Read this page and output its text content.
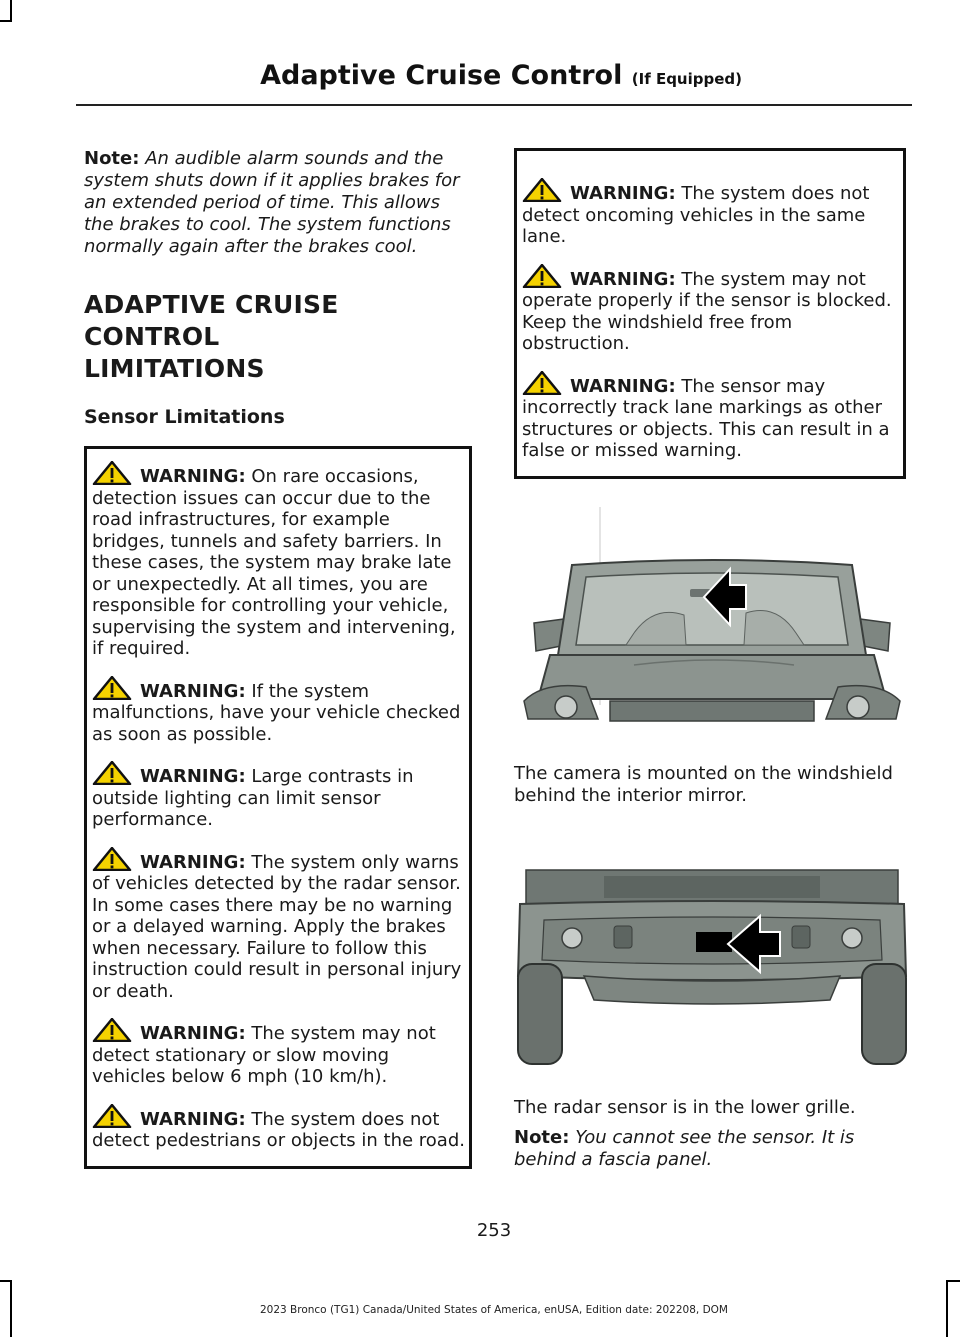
Adaptive Cruise Control (If Equipped)

Note: An audible alarm sounds and the system shuts down if it applies brakes for an extended period of time. This allows the brakes to cool. The system functions normally again after the brakes cool.

ADAPTIVE CRUISE CONTROL
LIMITATIONS
Sensor Limitations
WARNING: On rare occasions, detection issues can occur due to the road infrastructures, for example bridges, tunnels and safety barriers. In these cases, the system may brake late or unexpectedly. At all times, you are responsible for controlling your vehicle, supervising the system and intervening, if required.
WARNING: If the system malfunctions, have your vehicle checked as soon as possible.
WARNING: Large contrasts in outside lighting can limit sensor performance.
WARNING: The system only warns of vehicles detected by the radar sensor. In some cases there may be no warning or a delayed warning. Apply the brakes when necessary. Failure to follow this instruction could result in personal injury or death.
WARNING: The system may not detect stationary or slow moving vehicles below 6 mph (10 km/h).
WARNING: The system does not detect pedestrians or objects in the road.
WARNING: The system does not detect oncoming vehicles in the same lane.
WARNING: The system may not operate properly if the sensor is blocked. Keep the windshield free from obstruction.
WARNING: The sensor may incorrectly track lane markings as other structures or objects. This can result in a false or missed warning.
The camera is mounted on the windshield behind the interior mirror.
The radar sensor is in the lower grille.

Note: You cannot see the sensor. It is behind a fascia panel.

253
2023 Bronco (TG1) Canada/United States of America, enUSA, Edition date: 202208, DOM
